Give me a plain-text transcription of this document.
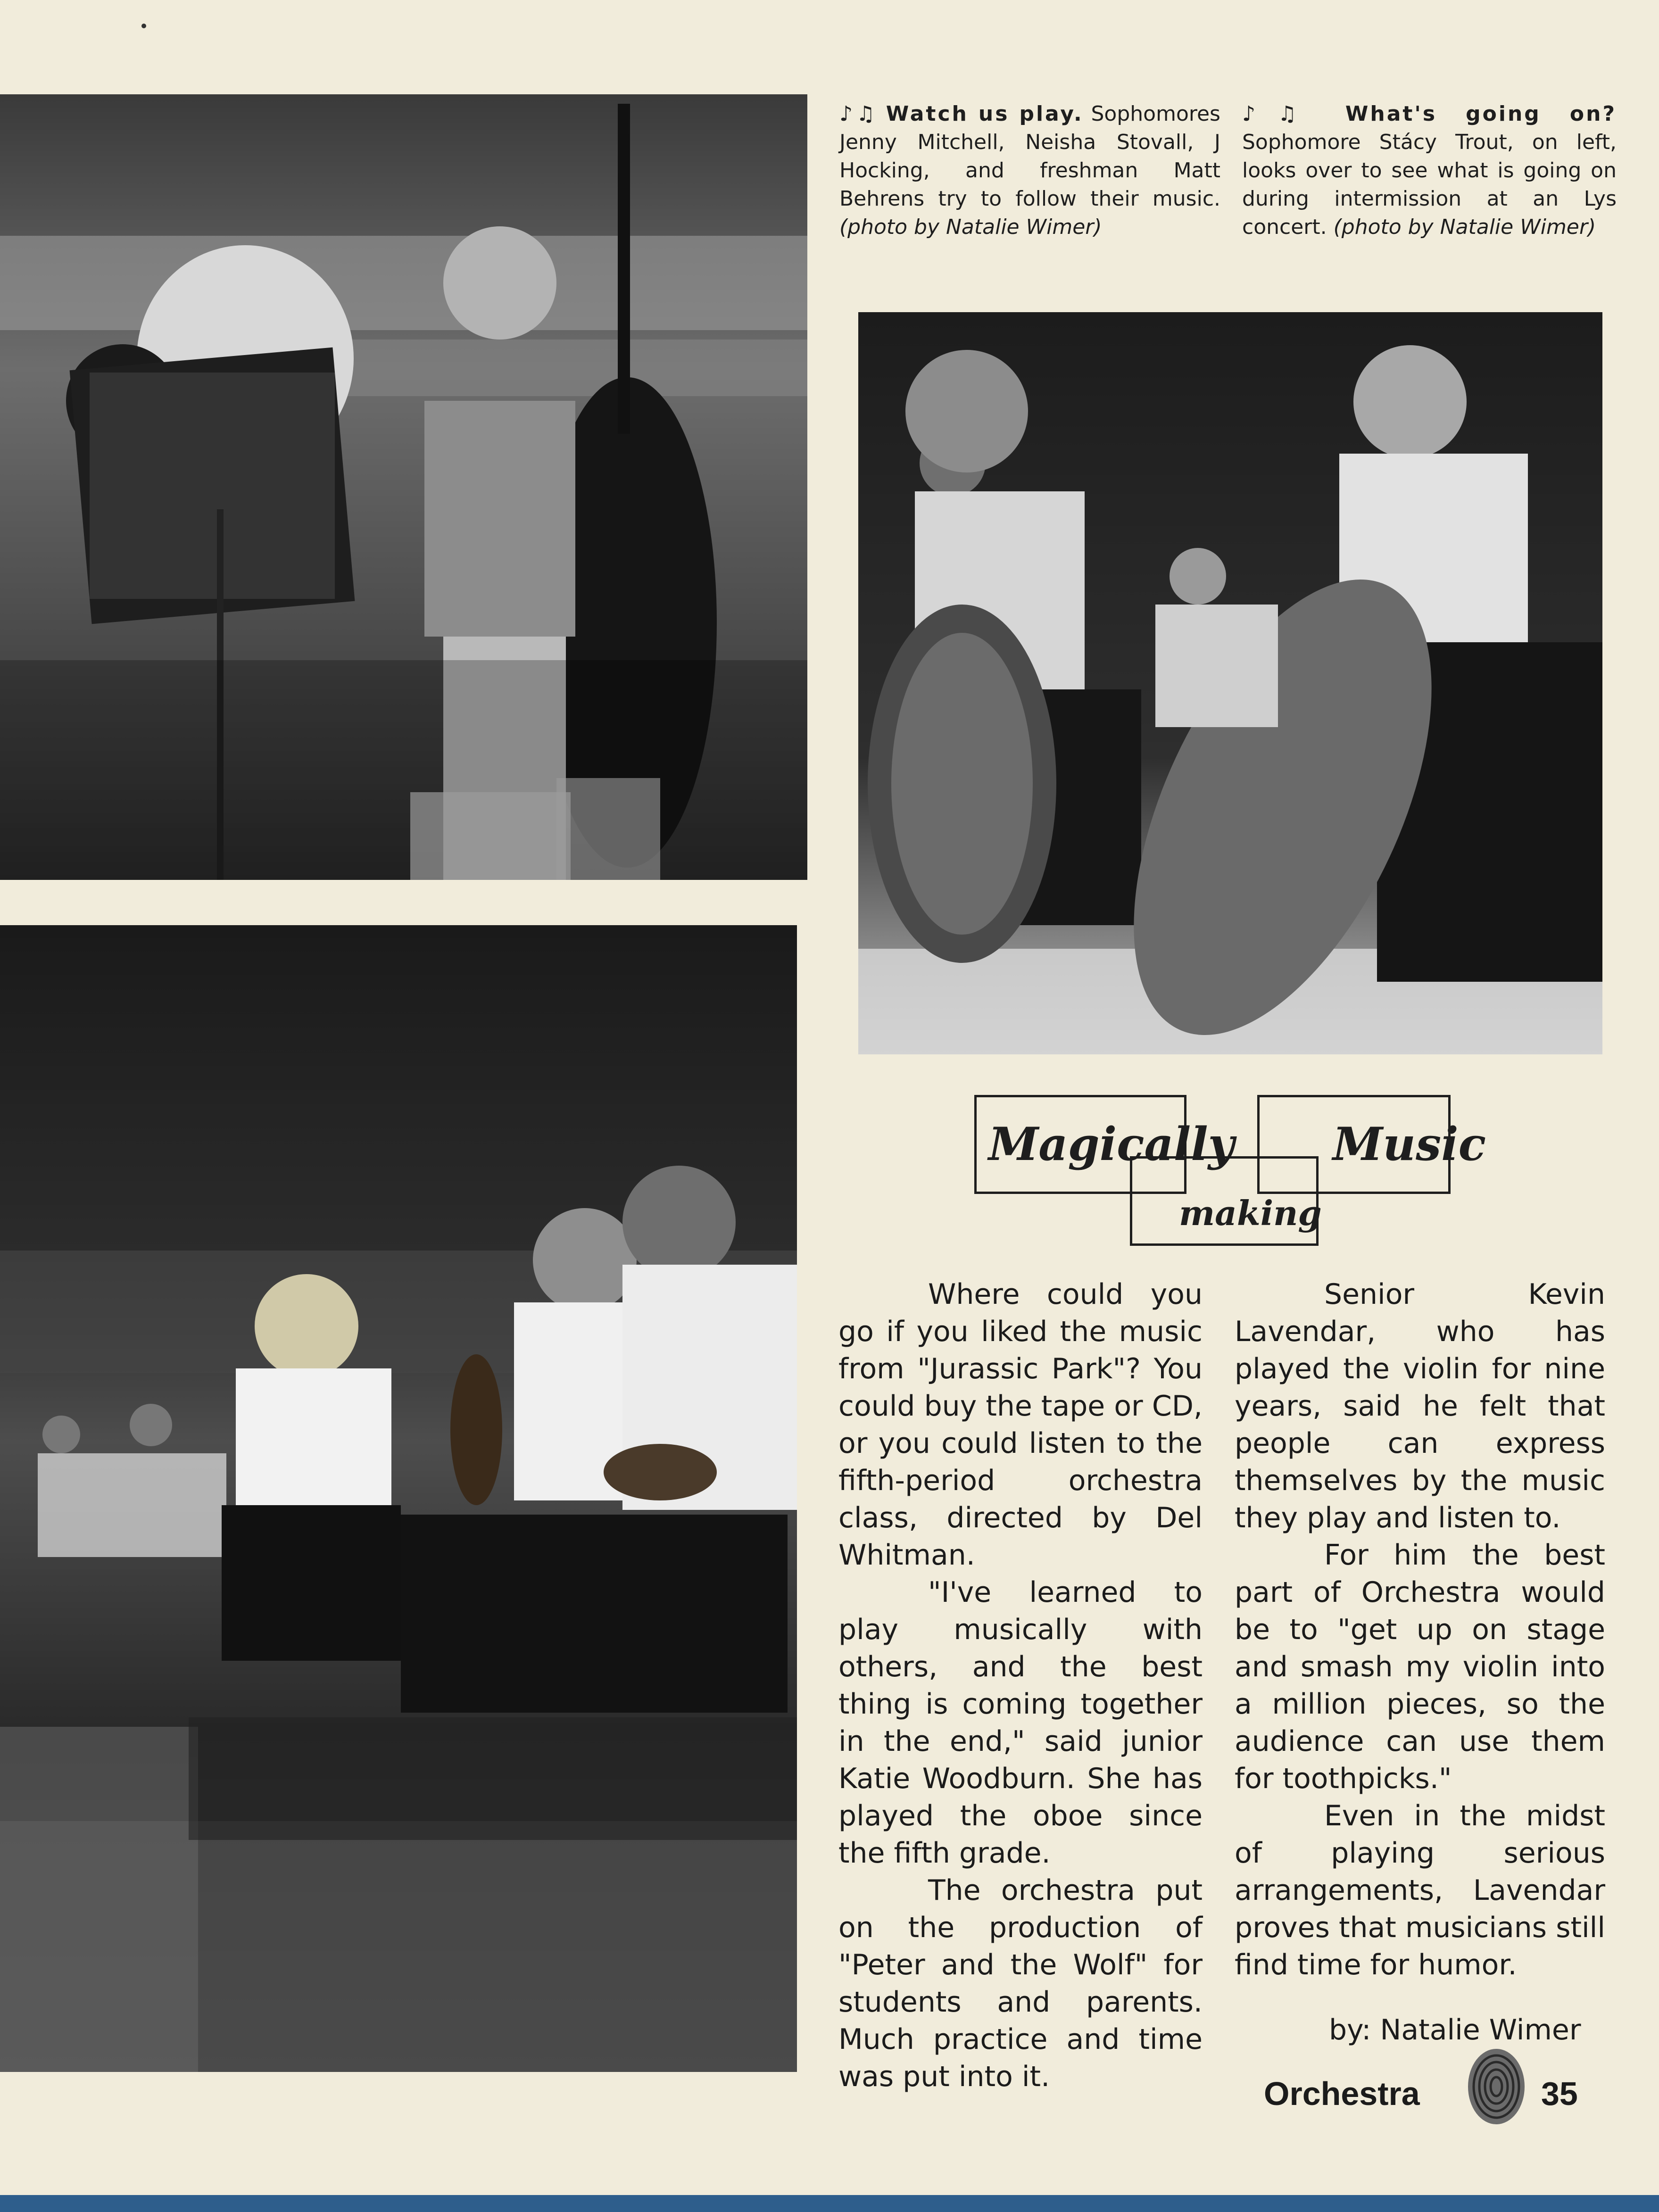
♪♫ Watch us play. Sophomores Jenny Mitchell, Neisha Stovall, J Hocking, and freshman Matt Behrens try to follow their music. (photo by Natalie Wimer)
♪♫ What's going on? Sophomore Stácy Trout, on left, looks over to see what is going on during intermission at an Lys concert. (photo by Natalie Wimer)
Magically
making
Music

Where could you go if you liked the music from "Jurassic Park"? You could buy the tape or CD, or you could listen to the fifth-period orchestra class, directed by Del Whitman.

"I've learned to play musically with others, and the best thing is coming together in the end," said junior Katie Woodburn. She has played the oboe since the fifth grade.

The orchestra put on the production of "Peter and the Wolf" for students and parents. Much practice and time was put into it.

Senior Kevin Lavendar, who has played the violin for nine years, said he felt that people can express themselves by the music they play and listen to.

For him the best part of Orchestra would be to "get up on stage and smash my violin into a million pieces, so the audience can use them for toothpicks."

Even in the midst of playing serious arrangements, Lavendar proves that musicians still find time for humor.

by: Natalie Wimer
Orchestra	35
